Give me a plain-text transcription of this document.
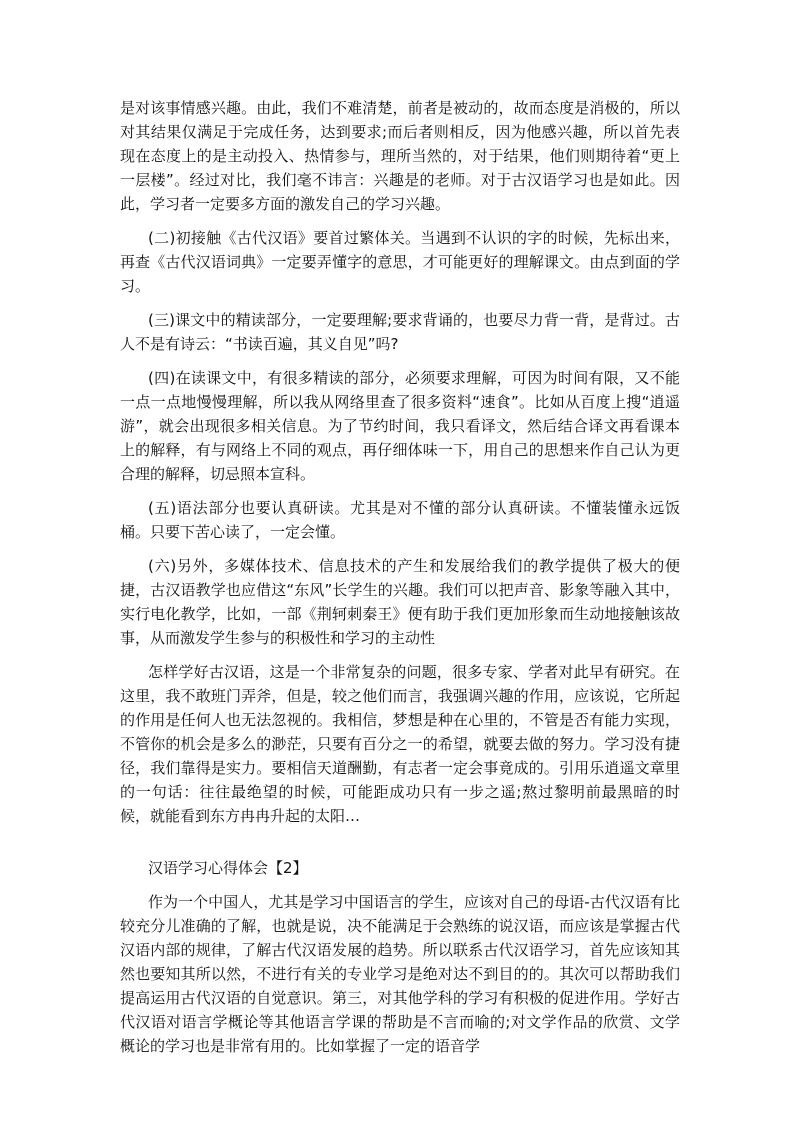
是对该事情感兴趣。由此，我们不难清楚，前者是被动的，故而态度是消极的，所以对其结果仅满足于完成任务，达到要求;而后者则相反，因为他感兴趣，所以首先表现在态度上的是主动投入、热情参与，理所当然的，对于结果，他们则期待着“更上一层楼”。经过对比，我们毫不讳言：兴趣是的老师。对于古汉语学习也是如此。因此，学习者一定要多方面的激发自己的学习兴趣。

(二)初接触《古代汉语》要首过繁体关。当遇到不认识的字的时候，先标出来，再查《古代汉语词典》一定要弄懂字的意思，才可能更好的理解课文。由点到面的学习。

(三)课文中的精读部分，一定要理解;要求背诵的，也要尽力背一背，是背过。古人不是有诗云：“书读百遍，其义自见”吗?

(四)在读课文中，有很多精读的部分，必须要求理解，可因为时间有限，又不能一点一点地慢慢理解，所以我从网络里查了很多资料“速食”。比如从百度上搜“逍遥游”，就会出现很多相关信息。为了节约时间，我只看译文，然后结合译文再看课本上的解释，有与网络上不同的观点，再仔细体味一下，用自己的思想来作自己认为更合理的解释，切忌照本宣科。

(五)语法部分也要认真研读。尤其是对不懂的部分认真研读。不懂装懂永远饭桶。只要下苦心读了，一定会懂。

(六)另外，多媒体技术、信息技术的产生和发展给我们的教学提供了极大的便捷，古汉语教学也应借这“东风”长学生的兴趣。我们可以把声音、影象等融入其中，实行电化教学，比如，一部《荆轲刺秦王》便有助于我们更加形象而生动地接触该故事，从而激发学生参与的积极性和学习的主动性

怎样学好古汉语，这是一个非常复杂的问题，很多专家、学者对此早有研究。在这里，我不敢班门弄斧，但是，较之他们而言，我强调兴趣的作用，应该说，它所起的作用是任何人也无法忽视的。我相信，梦想是种在心里的，不管是否有能力实现，不管你的机会是多么的渺茫，只要有百分之一的希望，就要去做的努力。学习没有捷径，我们靠得是实力。要相信天道酬勤，有志者一定会事竟成的。引用乐逍遥文章里的一句话：往往最绝望的时候，可能距成功只有一步之遥;熬过黎明前最黑暗的时候，就能看到东方冉冉升起的太阳…

汉语学习心得体会【2】

作为一个中国人，尤其是学习中国语言的学生，应该对自己的母语-古代汉语有比较充分儿准确的了解，也就是说，决不能满足于会熟练的说汉语，而应该是掌握古代汉语内部的规律，了解古代汉语发展的趋势。所以联系古代汉语学习，首先应该知其然也要知其所以然，不进行有关的专业学习是绝对达不到目的的。其次可以帮助我们提高运用古代汉语的自觉意识。第三，对其他学科的学习有积极的促进作用。学好古代汉语对语言学概论等其他语言学课的帮助是不言而喻的;对文学作品的欣赏、文学概论的学习也是非常有用的。比如掌握了一定的语音学
